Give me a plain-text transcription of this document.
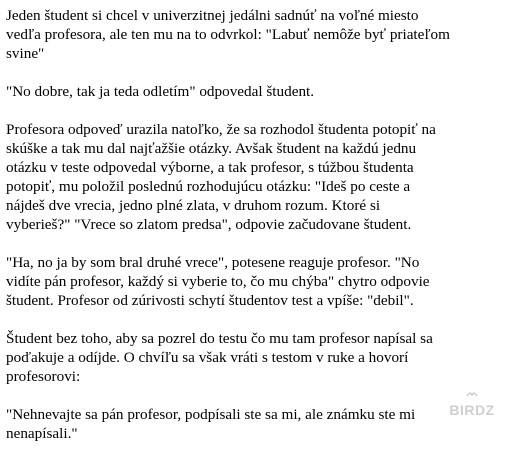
Jeden študent si chcel v univerzitnej jedálni sadnúť na voľné miesto
vedľa profesora, ale ten mu na to odvrkol: "Labuť nemôže byť priateľom
svine"

"No dobre, tak ja teda odletím" odpovedal študent.

Profesora odpoveď urazila natoľko, že sa rozhodol študenta potopiť na
skúške a tak mu dal najťažšie otázky. Avšak študent na každú jednu
otázku v teste odpovedal výborne, a tak profesor, s túžbou študenta
potopiť, mu položil poslednú rozhodujúcu otázku: "Ideš po ceste a
nájdeš dve vrecia, jedno plné zlata, v druhom rozum. Ktoré si
vyberieš?" "Vrece so zlatom predsa", odpovie začudovane študent.

"Ha, no ja by som bral druhé vrece", potesene reaguje profesor. "No
vidíte pán profesor, každý si vyberie to, čo mu chýba" chytro odpovie
študent. Profesor od zúrivosti schytí študentov test a vpíše: "debil".

Študent bez toho, aby sa pozrel do testu čo mu tam profesor napísal sa
poďakuje a odíjde. O chvíľu sa však vráti s testom v ruke a hovorí
profesorovi:

"Nehnevajte sa pán profesor, podpísali ste sa mi, ale známku ste mi
nenapísali."

BIRDZ
